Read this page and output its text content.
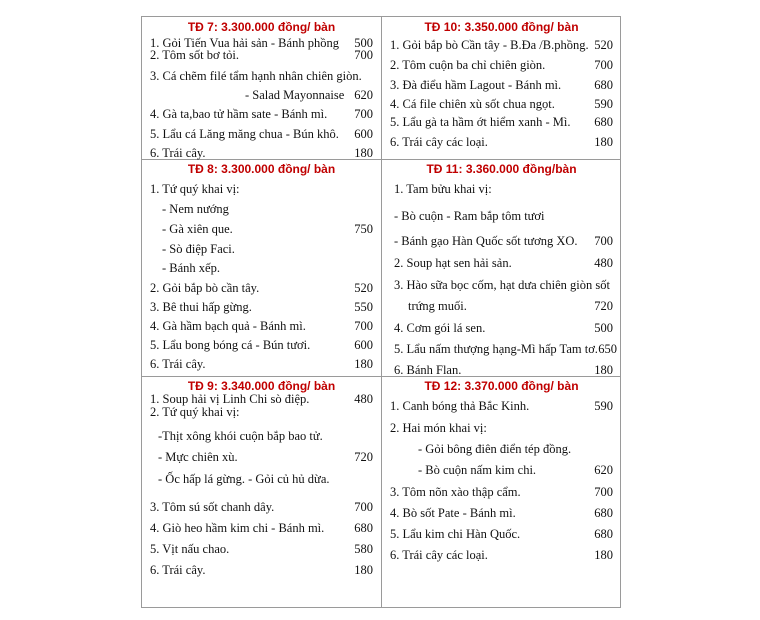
TĐ 7: 3.300.000 đồng/ bàn
1. Gỏi Tiến Vua hải sản - Bánh phồng 500
2. Tôm sốt bơ tỏi.	700
3. Cá chẽm filé tẩm hạnh nhân chiên giòn.
- Salad Mayonnaise 620
4. Gà ta,bao tử hầm sate - Bánh mì. 700
5. Lẩu cá Lăng măng chua - Bún khô. 600
6. Trái cây.	180
TĐ 10: 3.350.000 đồng/ bàn
1. Gỏi bắp bò Cần tây - B.Đa /B.phồng. 520
2. Tôm cuộn ba chỉ chiên giòn.	700
3. Đà điểu hầm Lagout - Bánh mì.	680
4. Cá file chiên xù sốt chua ngọt.	590
5. Lẩu gà ta hầm ớt hiểm xanh - Mì. 680
6. Trái cây các loại.	180
TĐ 8: 3.300.000 đồng/ bàn
1. Tứ quý khai vị:
- Nem nướng
- Gà xiên que.	750
- Sò điệp Faci.
- Bánh xếp.
2. Gỏi bắp bò cần tây.	520
3. Bê thui hấp gừng.	550
4. Gà hầm bạch quả - Bánh mì.	700
5. Lẩu bong bóng cá - Bún tươi.	600
6. Trái cây.	180
TĐ 11: 3.360.000 đồng/bàn
1. Tam bửu khai vị:
- Bò cuộn - Ram bắp tôm tươi
- Bánh gạo Hàn Quốc sốt tương XO. 700
2. Soup hạt sen hải sản.	480
3. Hào sữa bọc cốm, hạt dưa chiên giòn sốt
trứng muối.	720
4. Cơm gói lá sen.	500
5. Lẩu nấm thượng hạng-Mì hấp Tam tơ. 650
6. Bánh Flan.	180
TĐ 9: 3.340.000 đồng/ bàn
1. Soup hải vị Linh Chi sò điệp.	480
2. Tứ quý khai vị:
-Thịt xông khói cuộn bắp bao tử.
- Mực chiên xù.	720
- Ốc hấp lá gừng. - Gỏi củ hủ dừa.
3. Tôm sú sốt chanh dây.	700
4. Giò heo hầm kim chi - Bánh mì. 680
5. Vịt nấu chao.	580
6. Trái cây.	180
TĐ 12: 3.370.000 đồng/ bàn
1. Canh bóng thả Bắc Kinh.	590
2. Hai món khai vị:
- Gỏi bông điên điển tép đồng.
- Bò cuộn nấm kim chi.	620
3. Tôm nõn xào thập cẩm.	700
4. Bò sốt Pate - Bánh mì.	680
5. Lẩu kim chi Hàn Quốc.	680
6. Trái cây các loại.	180
